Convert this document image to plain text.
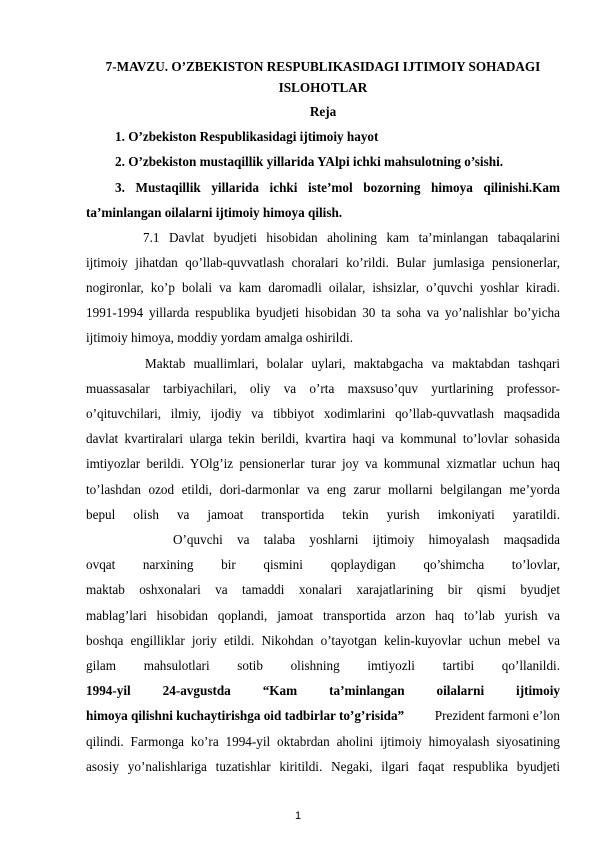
7-MAVZU. O’ZBEKISTON RESPUBLIKASIDAGI IJTIMOIY SOHADAGI
ISLOHOTLAR
Reja
1. O’zbekiston Respublikasidagi ijtimoiy hayot
2. O’zbekiston mustaqillik yillarida YAlpi ichki mahsulotning o’sishi.
3. Mustaqillik yillarida ichki iste’mol bozorning himoya qilinishi.Kam
ta’minlangan oilalarni ijtimoiy himoya qilish.
7.1 Davlat byudjeti hisobidan aholining kam ta’minlangan tabaqalarini
ijtimoiy jihatdan qo’llab-quvvatlash choralari ko’rildi. Bular jumlasiga pensionerlar,
nogironlar, ko’p bolali va kam daromadli oilalar, ishsizlar, o’quvchi yoshlar kiradi.
1991-1994 yillarda respublika byudjeti hisobidan 30 ta soha va yo’nalishlar bo’yicha
ijtimoiy himoya, moddiy yordam amalga oshirildi.
Maktab muallimlari, bolalar uylari, maktabgacha va maktabdan tashqari
muassasalar tarbiyachilari, oliy va o’rta maxsuso’quv yurtlarining professor-
o’qituvchilari, ilmiy, ijodiy va tibbiyot xodimlarini qo’llab-quvvatlash maqsadida
davlat kvartiralari ularga tekin berildi, kvartira haqi va kommunal to’lovlar sohasida
imtiyozlar berildi. YOlg’iz pensionerlar turar joy va kommunal xizmatlar uchun haq
to’lashdan ozod etildi, dori-darmonlar va eng zarur mollarni belgilangan me’yorda
bepul olish va jamoat transportida tekin yurish imkoniyati yaratildi.
O’quvchi va talaba yoshlarni ijtimoiy himoyalash maqsadida
ovqat narxining bir qismini qoplaydigan qo’shimcha to’lovlar,
maktab oshxonalari va tamaddi xonalari xarajatlarining bir qismi byudjet
mablag’lari hisobidan qoplandi, jamoat transportida arzon haq to’lab yurish va
boshqa engilliklar joriy etildi. Nikohdan o’tayotgan kelin-kuyovlar uchun mebel va
gilam mahsulotlari sotib olishning imtiyozli tartibi qo’llanildi.
1994-yil 24-avgustda “Kam ta’minlangan oilalarni ijtimoiy
himoya qilishni kuchaytirishga oid tadbirlar to’g’risida” Prezident farmoni e’lon
qilindi. Farmonga ko’ra 1994-yil oktabrdan aholini ijtimoiy himoyalash siyosatining
asosiy yo’nalishlariga tuzatishlar kiritildi. Negaki, ilgari faqat respublika byudjeti
1
